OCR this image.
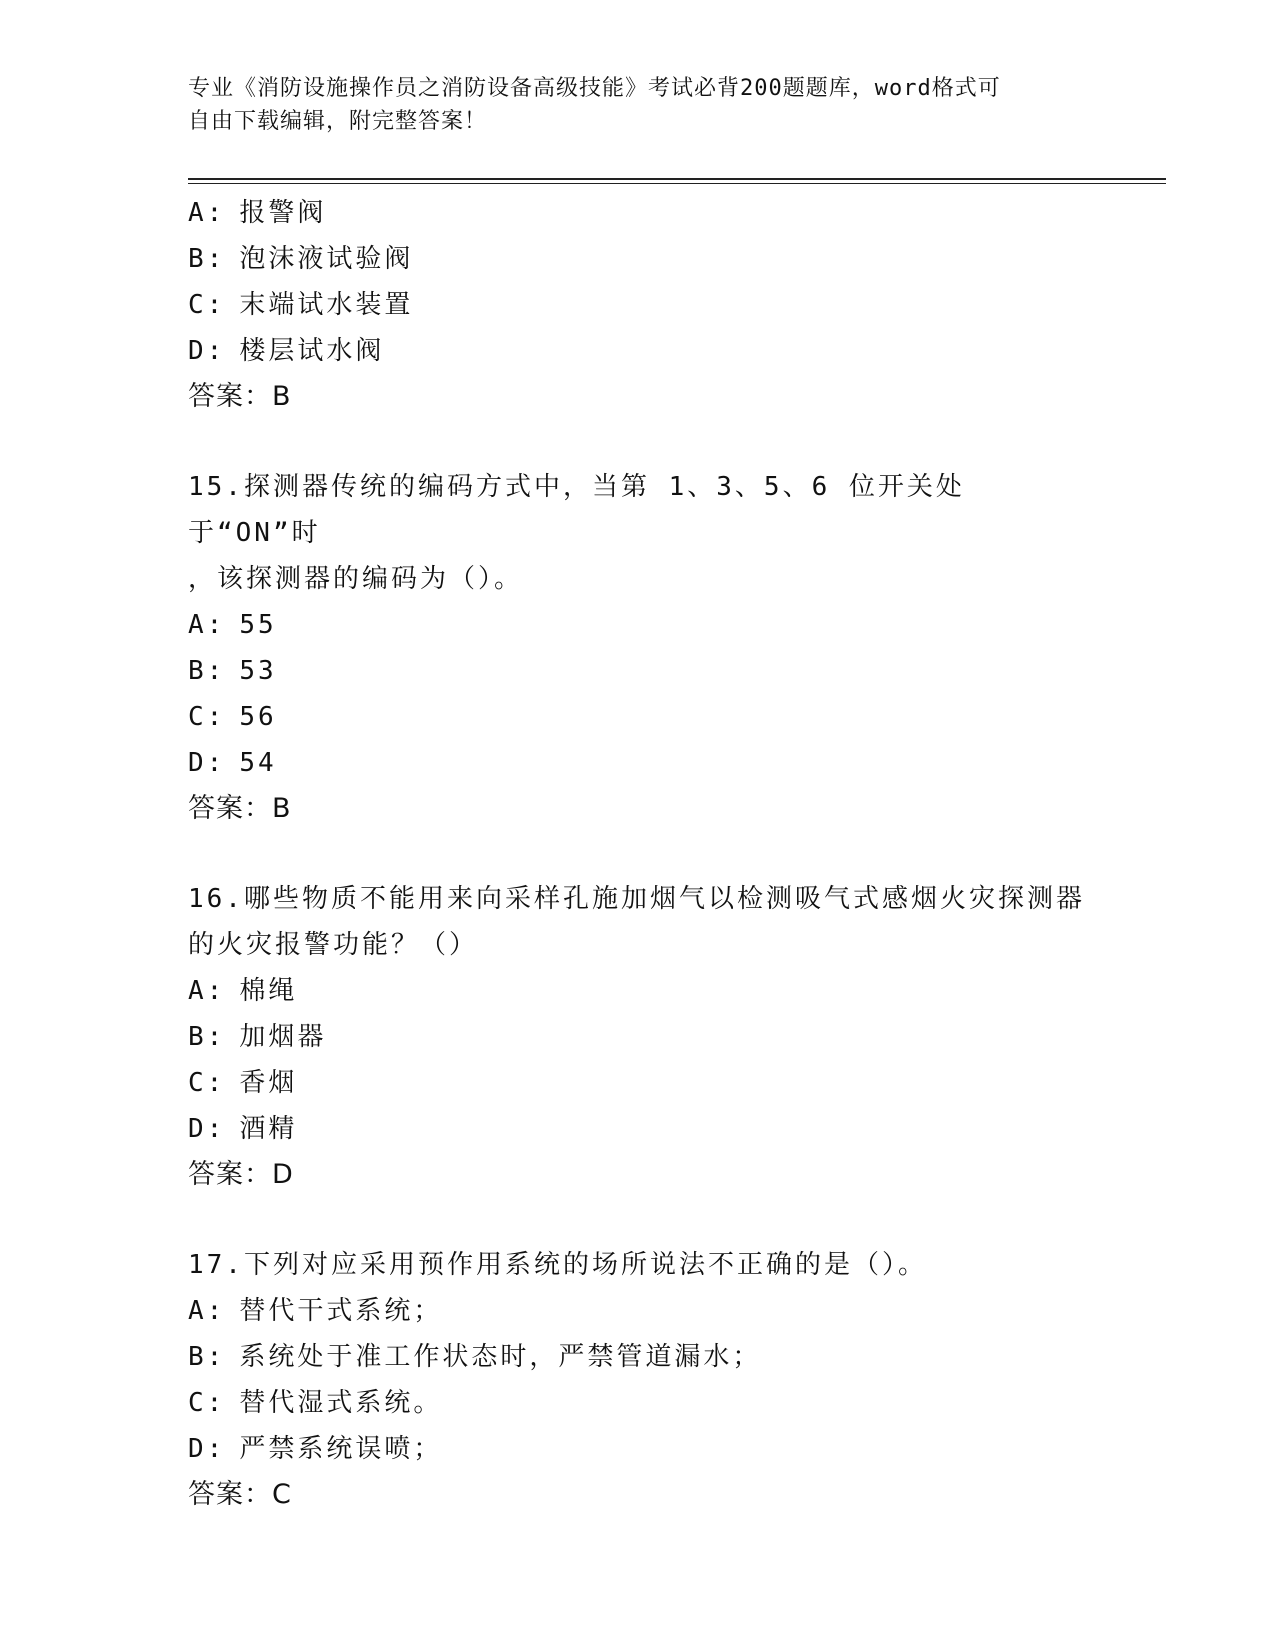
专业《消防设施操作员之消防设备高级技能》考试必背200题题库，word格式可
自由下载编辑，附完整答案！
A: 报警阀
B: 泡沫液试验阀
C: 末端试水装置
D: 楼层试水阀
答案：B
15.探测器传统的编码方式中，当第 1、3、5、6 位开关处于“ON”时
，该探测器的编码为（）。
A: 55
B: 53
C: 56
D: 54
答案：B
16.哪些物质不能用来向采样孔施加烟气以检测吸气式感烟火灾探测器
的火灾报警功能？（）
A: 棉绳
B: 加烟器
C: 香烟
D: 酒精
答案：D
17.下列对应采用预作用系统的场所说法不正确的是（）。
A: 替代干式系统；
B: 系统处于准工作状态时，严禁管道漏水；
C: 替代湿式系统。
D: 严禁系统误喷；
答案：C
